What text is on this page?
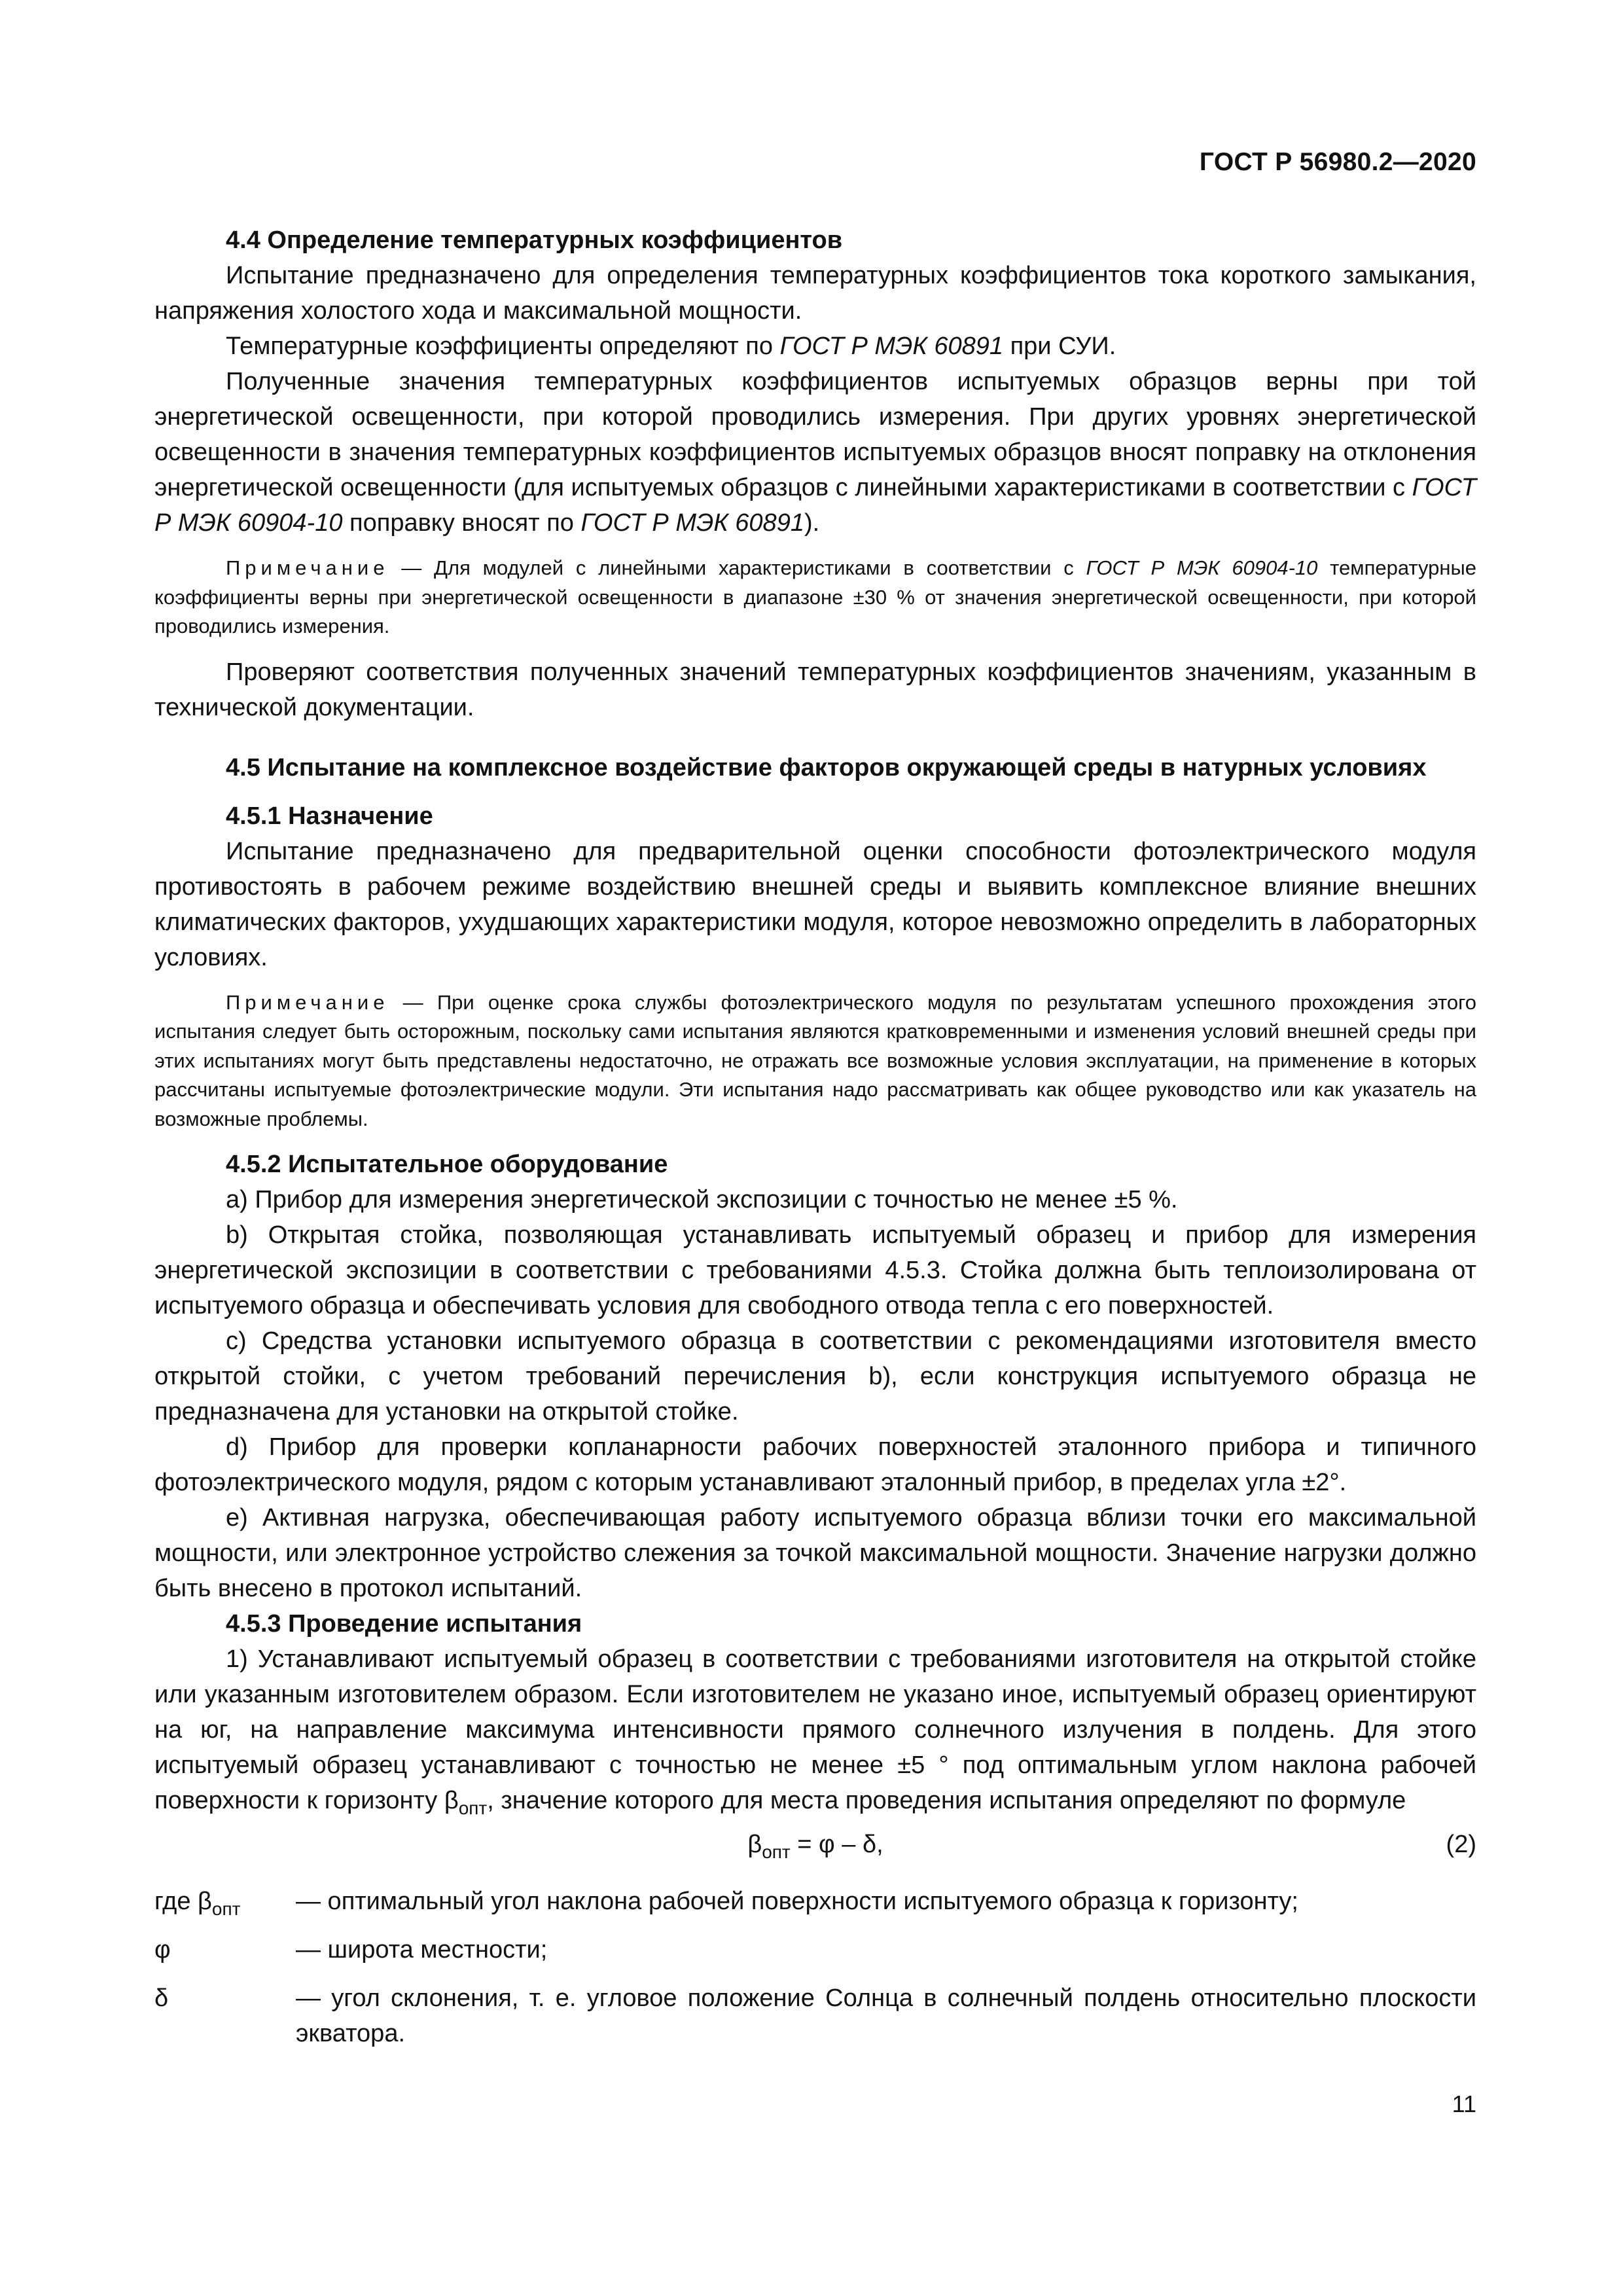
ГОСТ Р 56980.2—2020
4.4 Определение температурных коэффициентов

Испытание предназначено для определения температурных коэффициентов тока короткого замыкания, напряжения холостого хода и максимальной мощности.

Температурные коэффициенты определяют по ГОСТ Р МЭК 60891 при СУИ.

Полученные значения температурных коэффициентов испытуемых образцов верны при той энергетической освещенности, при которой проводились измерения. При других уровнях энергетической освещенности в значения температурных коэффициентов испытуемых образцов вносят поправку на отклонения энергетической освещенности (для испытуемых образцов с линейными характеристиками в соответствии с ГОСТ Р МЭК 60904-10 поправку вносят по ГОСТ Р МЭК 60891).

Примечание — Для модулей с линейными характеристиками в соответствии с ГОСТ Р МЭК 60904-10 температурные коэффициенты верны при энергетической освещенности в диапазоне ±30 % от значения энергетической освещенности, при которой проводились измерения.

Проверяют соответствия полученных значений температурных коэффициентов значениям, указанным в технической документации.

4.5 Испытание на комплексное воздействие факторов окружающей среды в натурных условиях
4.5.1 Назначение

Испытание предназначено для предварительной оценки способности фотоэлектрического модуля противостоять в рабочем режиме воздействию внешней среды и выявить комплексное влияние внешних климатических факторов, ухудшающих характеристики модуля, которое невозможно определить в лабораторных условиях.

Примечание — При оценке срока службы фотоэлектрического модуля по результатам успешного прохождения этого испытания следует быть осторожным, поскольку сами испытания являются кратковременными и изменения условий внешней среды при этих испытаниях могут быть представлены недостаточно, не отражать все возможные условия эксплуатации, на применение в которых рассчитаны испытуемые фотоэлектрические модули. Эти испытания надо рассматривать как общее руководство или как указатель на возможные проблемы.

4.5.2 Испытательное оборудование

a) Прибор для измерения энергетической экспозиции с точностью не менее ±5 %.

b) Открытая стойка, позволяющая устанавливать испытуемый образец и прибор для измерения энергетической экспозиции в соответствии с требованиями 4.5.3. Стойка должна быть теплоизолирована от испытуемого образца и обеспечивать условия для свободного отвода тепла с его поверхностей.

c) Средства установки испытуемого образца в соответствии с рекомендациями изготовителя вместо открытой стойки, с учетом требований перечисления b), если конструкция испытуемого образца не предназначена для установки на открытой стойке.

d) Прибор для проверки копланарности рабочих поверхностей эталонного прибора и типичного фотоэлектрического модуля, рядом с которым устанавливают эталонный прибор, в пределах угла ±2°.

e) Активная нагрузка, обеспечивающая работу испытуемого образца вблизи точки его максимальной мощности, или электронное устройство слежения за точкой максимальной мощности. Значение нагрузки должно быть внесено в протокол испытаний.

4.5.3 Проведение испытания

1) Устанавливают испытуемый образец в соответствии с требованиями изготовителя на открытой стойке или указанным изготовителем образом. Если изготовителем не указано иное, испытуемый образец ориентируют на юг, на направление максимума интенсивности прямого солнечного излучения в полдень. Для этого испытуемый образец устанавливают с точностью не менее ±5 ° под оптимальным углом наклона рабочей поверхности к горизонту $\beta_{опт}$, значение которого для места проведения испытания определяют по формуле

$\beta_{опт} = \varphi - \delta$,	(2)

где $\beta_{опт}$	— оптимальный угол наклона рабочей поверхности испытуемого образца к горизонту;

φ	— широта местности;

δ	— угол склонения, т. е. угловое положение Солнца в солнечный полдень относительно плоскости экватора.

11
